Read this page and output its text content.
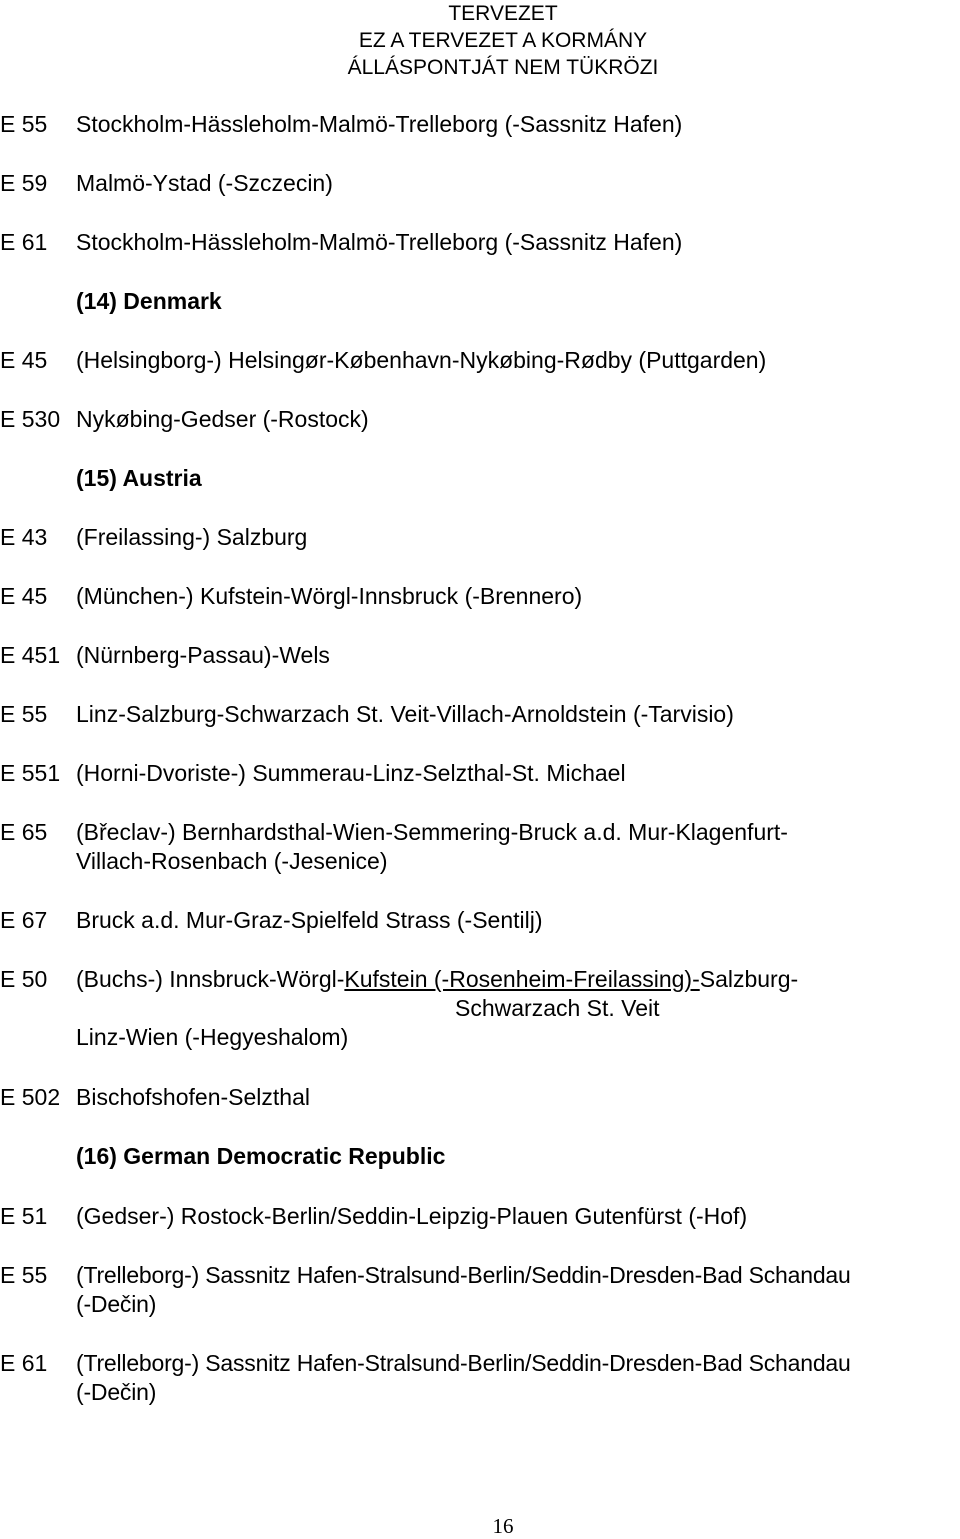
TERVEZET
EZ A TERVEZET A KORMÁNY
ÁLLÁSPONTJÁT NEM TÜKRÖZI
E 55 Stockholm-Hässleholm-Malmö-Trelleborg (-Sassnitz Hafen)
E 59 Malmö-Ystad (-Szczecin)
E 61 Stockholm-Hässleholm-Malmö-Trelleborg (-Sassnitz Hafen)
(14) Denmark
E 45 (Helsingborg-) Helsingør-København-Nykøbing-Rødby (Puttgarden)
E 530 Nykøbing-Gedser (-Rostock)
(15) Austria
E 43 (Freilassing-) Salzburg
E 45 (München-) Kufstein-Wörgl-Innsbruck (-Brennero)
E 451 (Nürnberg-Passau)-Wels
E 55 Linz-Salzburg-Schwarzach St. Veit-Villach-Arnoldstein (-Tarvisio)
E 551 (Horni-Dvoriste-) Summerau-Linz-Selzthal-St. Michael
E 65 (Břeclav-) Bernhardsthal-Wien-Semmering-Bruck a.d. Mur-Klagenfurt-
Villach-Rosenbach (-Jesenice)
E 67 Bruck a.d. Mur-Graz-Spielfeld Strass (-Sentilj)
E 50 (Buchs-) Innsbruck-Wörgl-Kufstein (-Rosenheim-Freilassing)-Salzburg-
Schwarzach St. Veit
Linz-Wien (-Hegyeshalom)
E 502 Bischofshofen-Selzthal
(16) German Democratic Republic
E 51 (Gedser-) Rostock-Berlin/Seddin-Leipzig-Plauen Gutenfürst (-Hof)
E 55 (Trelleborg-) Sassnitz Hafen-Stralsund-Berlin/Seddin-Dresden-Bad Schandau
(-Dečin)
E 61 (Trelleborg-) Sassnitz Hafen-Stralsund-Berlin/Seddin-Dresden-Bad Schandau
(-Dečin)
16
